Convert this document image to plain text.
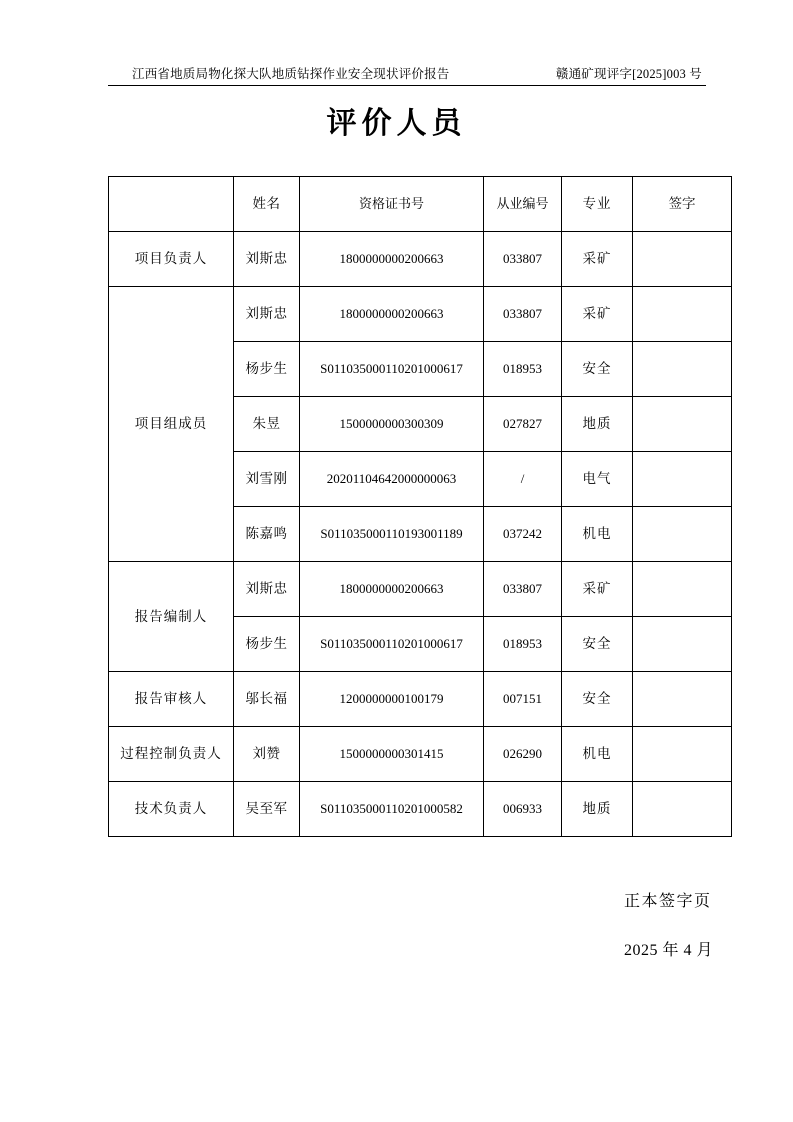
江西省地质局物化探大队地质钻探作业安全现状评价报告	赣通矿现评字[2025]003 号
评价人员
	姓名	资格证书号	从业编号	专业	签字
项目负责人	刘斯忠	1800000000200663	033807	采矿	
项目组成员	刘斯忠	1800000000200663	033807	采矿	
	杨步生	S011035000110201000617	018953	安全	
	朱昱	1500000000300309	027827	地质	
	刘雪刚	20201104642000000063	/	电气	
	陈嘉鸣	S011035000110193001189	037242	机电	
报告编制人	刘斯忠	1800000000200663	033807	采矿	
	杨步生	S011035000110201000617	018953	安全	
报告审核人	邬长福	1200000000100179	007151	安全	
过程控制负责人	刘赞	1500000000301415	026290	机电	
技术负责人	吴至军	S011035000110201000582	006933	地质	
正本签字页
2025 年 4 月
